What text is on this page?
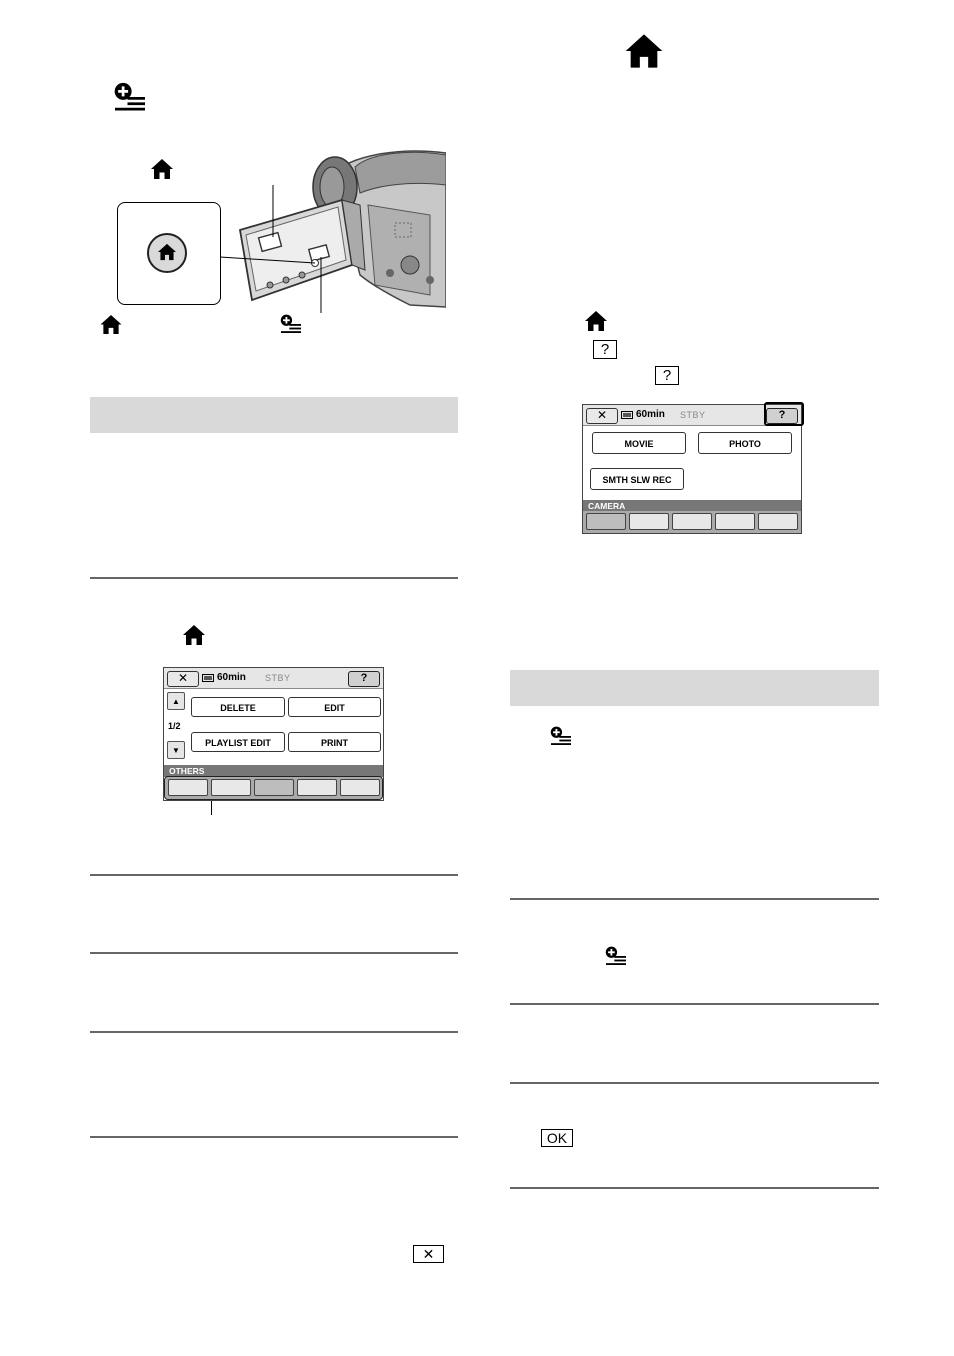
✕	60min STBY	?
▲
1/2
▼
DELETE	EDIT
PLAYLIST EDIT	PRINT
OTHERS
✕
?
?
✕	60min STBY	?
MOVIE	PHOTO
SMTH SLW REC
CAMERA
OK
